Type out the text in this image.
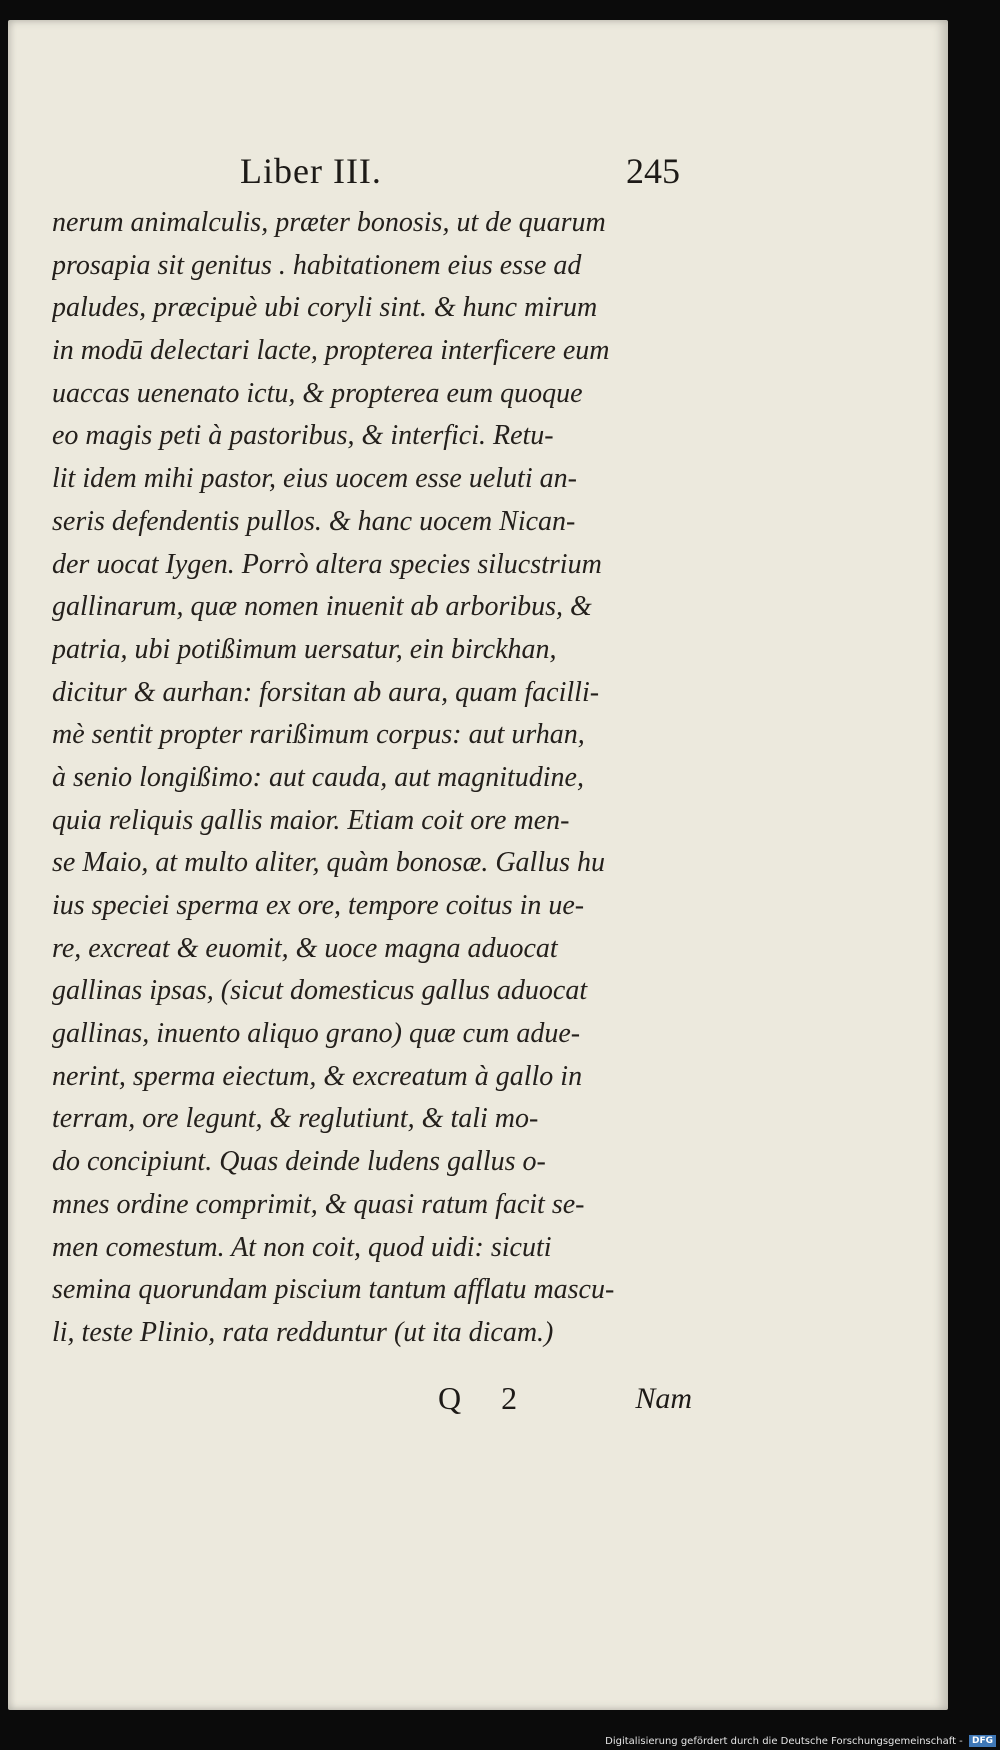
Liber III.	245
nerum animalculis, præter bonosis, ut de quarum
prosapia sit genitus . habitationem eius esse ad
paludes, præcipuè ubi coryli sint. & hunc mirum
in modū delectari lacte, propterea interficere eum
uaccas uenenato ictu, & propterea eum quoque
eo magis peti à pastoribus, & interfici. Retu-
lit idem mihi pastor, eius uocem esse ueluti an-
seris defendentis pullos. & hanc uocem Nican-
der uocat Iygen. Porrò altera species silucstrium
gallinarum, quæ nomen inuenit ab arboribus, &
patria, ubi potißimum uersatur, ein birckhan,
dicitur & aurhan: forsitan ab aura, quam facilli-
mè sentit propter rarißimum corpus: aut urhan,
à senio longißimo: aut cauda, aut magnitudine,
quia reliquis gallis maior. Etiam coit ore men-
se Maio, at multo aliter, quàm bonosæ. Gallus hu
ius speciei sperma ex ore, tempore coitus in ue-
re, excreat & euomit, & uoce magna aduocat
gallinas ipsas, (sicut domesticus gallus aduocat
gallinas, inuento aliquo grano) quæ cum adue-
nerint, sperma eiectum, & excreatum à gallo in
terram, ore legunt, & reglutiunt, & tali mo-
do concipiunt. Quas deinde ludens gallus o-
mnes ordine comprimit, & quasi ratum facit se-
men comestum. At non coit, quod uidi: sicuti
semina quorundam piscium tantum afflatu mascu-
li, teste Plinio, rata redduntur (ut ita dicam.)
Q 2	Nam
Digitalisierung gefördert durch die Deutsche Forschungsgemeinschaft - DFG
